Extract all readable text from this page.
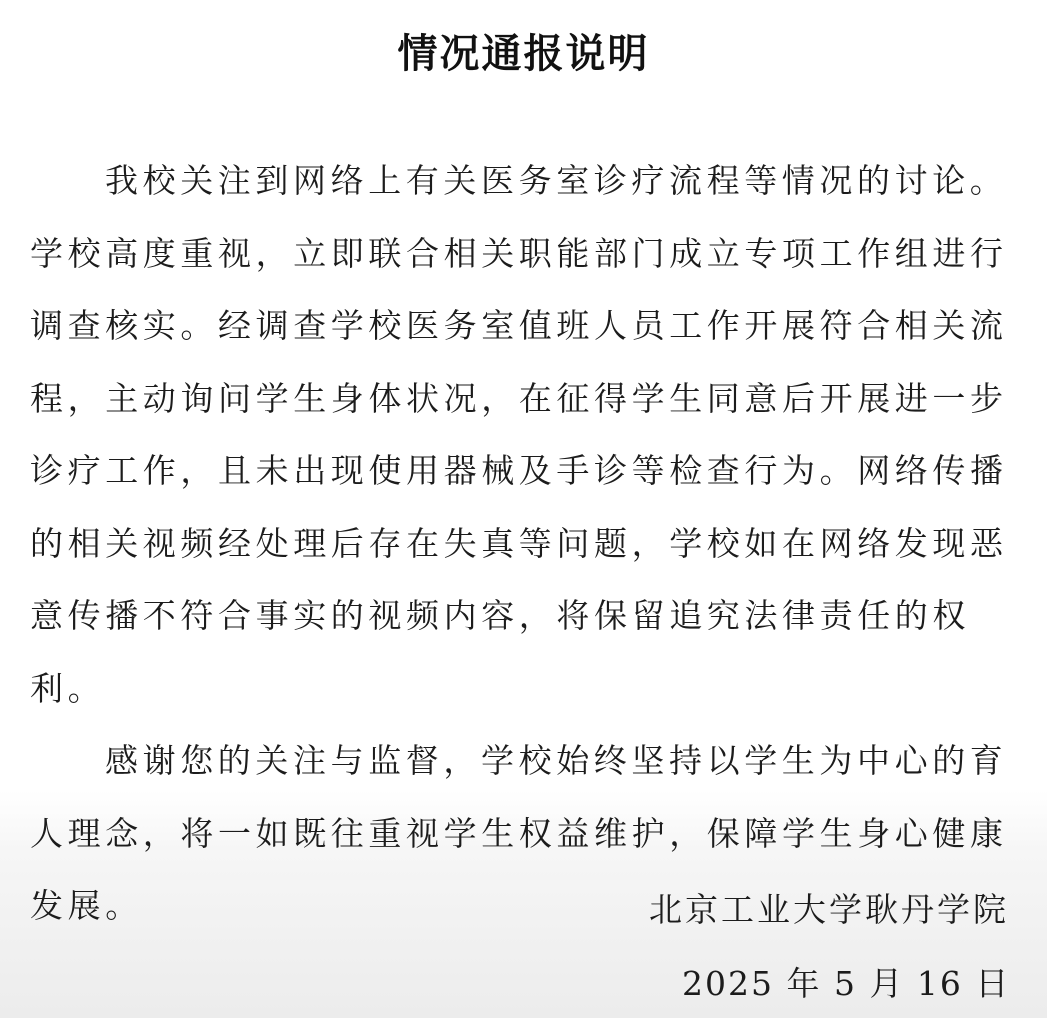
情况通报说明

我校关注到网络上有关医务室诊疗流程等情况的讨论。学校高度重视，立即联合相关职能部门成立专项工作组进行调查核实。经调查学校医务室值班人员工作开展符合相关流程，主动询问学生身体状况，在征得学生同意后开展进一步诊疗工作，且未出现使用器械及手诊等检查行为。网络传播的相关视频经处理后存在失真等问题，学校如在网络发现恶意传播不符合事实的视频内容，将保留追究法律责任的权利。

感谢您的关注与监督，学校始终坚持以学生为中心的育人理念，将一如既往重视学生权益维护，保障学生身心健康发展。	北京工业大学耿丹学院
2025 年 5 月 16 日
